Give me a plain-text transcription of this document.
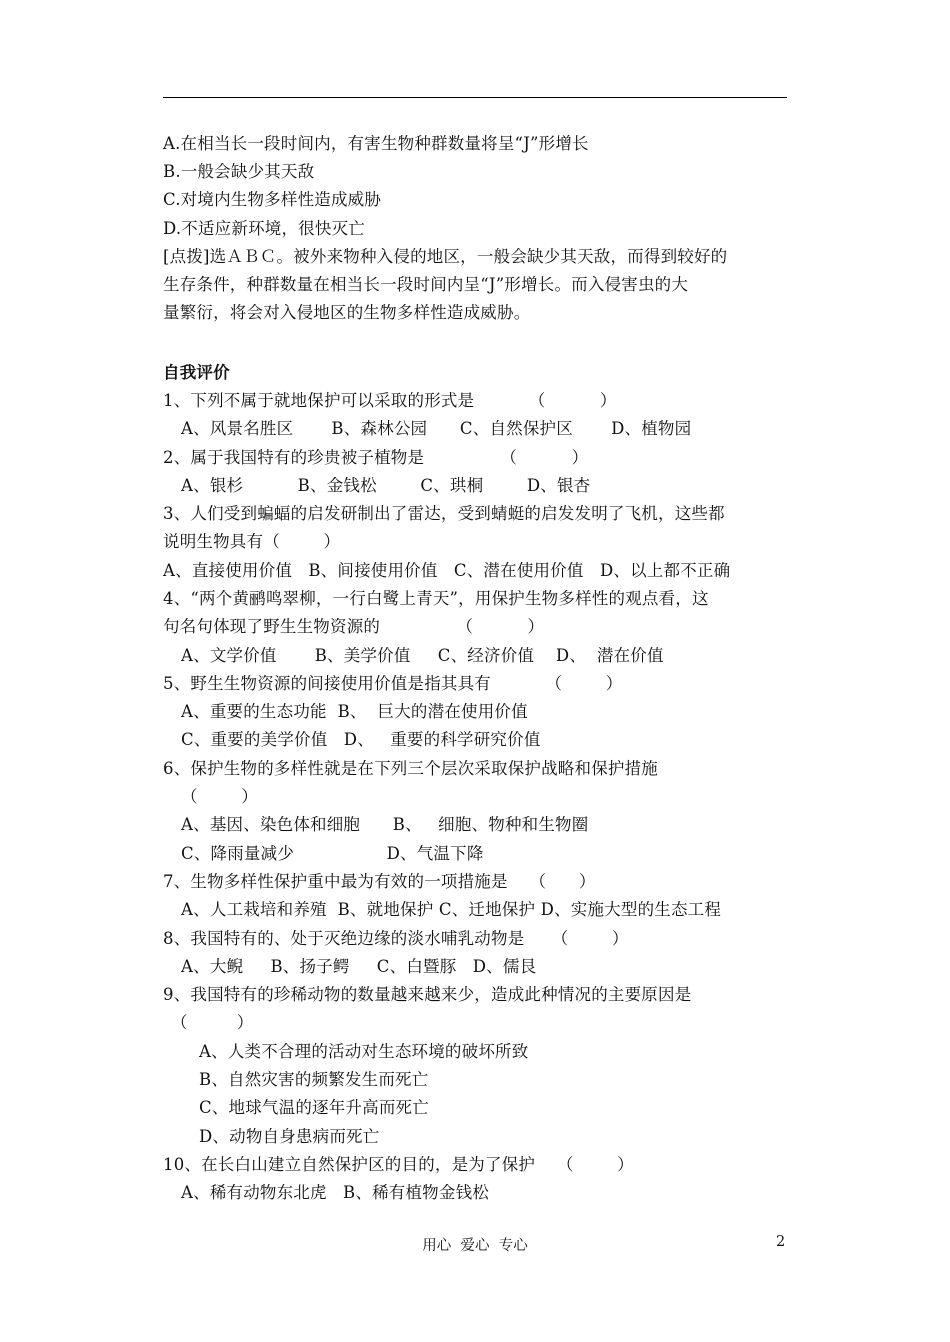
A.在相当长一段时间内，有害生物种群数量将呈“J”形增长
B.一般会缺少其天敌
C.对境内生物多样性造成威胁
D.不适应新环境，很快灭亡
[点拨]选ＡＢＣ。被外来物种入侵的地区，一般会缺少其天敌，而得到较好的
生存条件，种群数量在相当长一段时间内呈“J”形增长。而入侵害虫的大
量繁衍，将会对入侵地区的生物多样性造成威胁。
自我评价
1、下列不属于就地保护可以采取的形式是          （          ）
A、风景名胜区       B、森林公园      C、自然保护区       D、植物园
2、属于我国特有的珍贵被子植物是              （          ）
A、银杉          B、金钱松        C、珙桐        D、银杏
3、人们受到蝙蝠的启发研制出了雷达，受到蜻蜓的启发发明了飞机，这些都
说明生物具有（        ）
A、直接使用价值   B、间接使用价值   C、潜在使用价值   D、以上都不正确
4、“两个黄鹂鸣翠柳，一行白鹭上青天”，用保护生物多样性的观点看，这
句名句体现了野生生物资源的              （          ）
A、文学价值       B、美学价值     C、经济价值    D、  潜在价值
5、野生生物资源的间接使用价值是指其具有          （        ）
A、重要的生态功能  B、  巨大的潜在使用价值
C、重要的美学价值   D、   重要的科学研究价值
6、保护生物的多样性就是在下列三个层次采取保护战略和保护措施
（        ）
A、基因、染色体和细胞      B、   细胞、物种和生物圈
C、降雨量减少                 D、气温下降
7、生物多样性保护重中最为有效的一项措施是    （      ）
A、人工栽培和养殖  B、就地保护 C、迁地保护 D、实施大型的生态工程
8、我国特有的、处于灭绝边缘的淡水哺乳动物是     （        ）
A、大鲵     B、扬子鳄     C、白暨豚   D、儒艮
9、我国特有的珍稀动物的数量越来越来少，造成此种情况的主要原因是
（         ）
A、人类不合理的活动对生态环境的破坏所致
B、自然灾害的频繁发生而死亡
C、地球气温的逐年升高而死亡
D、动物自身患病而死亡
10、在长白山建立自然保护区的目的，是为了保护    （        ）
A、稀有动物东北虎   B、稀有植物金钱松
用心  爱心  专心	2
